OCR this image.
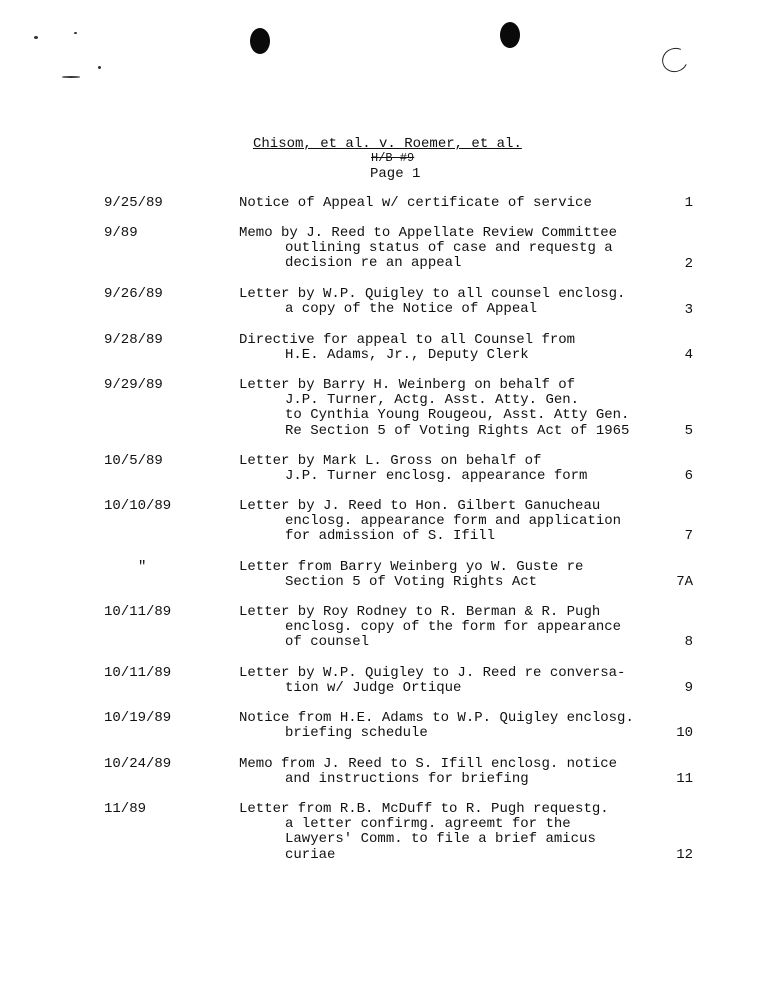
Chisom, et al. v. Roemer, et al.
H/B #9
Page 1
9/25/89	Notice of Appeal w/ certificate of service	1
9/89	Memo by J. Reed to Appellate Review Committee
outlining status of case and requestg a
decision re an appeal	2
9/26/89	Letter by W.P. Quigley to all counsel enclosg.
a copy of the Notice of Appeal	3
9/28/89	Directive for appeal to all Counsel from
H.E. Adams, Jr., Deputy Clerk	4
9/29/89	Letter by Barry H. Weinberg on behalf of
J.P. Turner, Actg. Asst. Atty. Gen.
to Cynthia Young Rougeou, Asst. Atty Gen.
Re Section 5 of Voting Rights Act of 1965	5
10/5/89	Letter by Mark L. Gross on behalf of
J.P. Turner enclosg. appearance form	6
10/10/89	Letter by J. Reed to Hon. Gilbert Ganucheau
enclosg. appearance form and application
for admission of S. Ifill	7
"	Letter from Barry Weinberg yo W. Guste re
Section 5 of Voting Rights Act	7A
10/11/89	Letter by Roy Rodney to R. Berman & R. Pugh
enclosg. copy of the form for appearance
of counsel	8
10/11/89	Letter by W.P. Quigley to J. Reed re conversa-
tion w/ Judge Ortique	9
10/19/89	Notice from H.E. Adams to W.P. Quigley enclosg.
briefing schedule	10
10/24/89	Memo from J. Reed to S. Ifill enclosg. notice
and instructions for briefing	11
11/89	Letter from R.B. McDuff to R. Pugh requestg.
a letter confirmg. agreemt for the
Lawyers' Comm. to file a brief amicus
curiae	12
